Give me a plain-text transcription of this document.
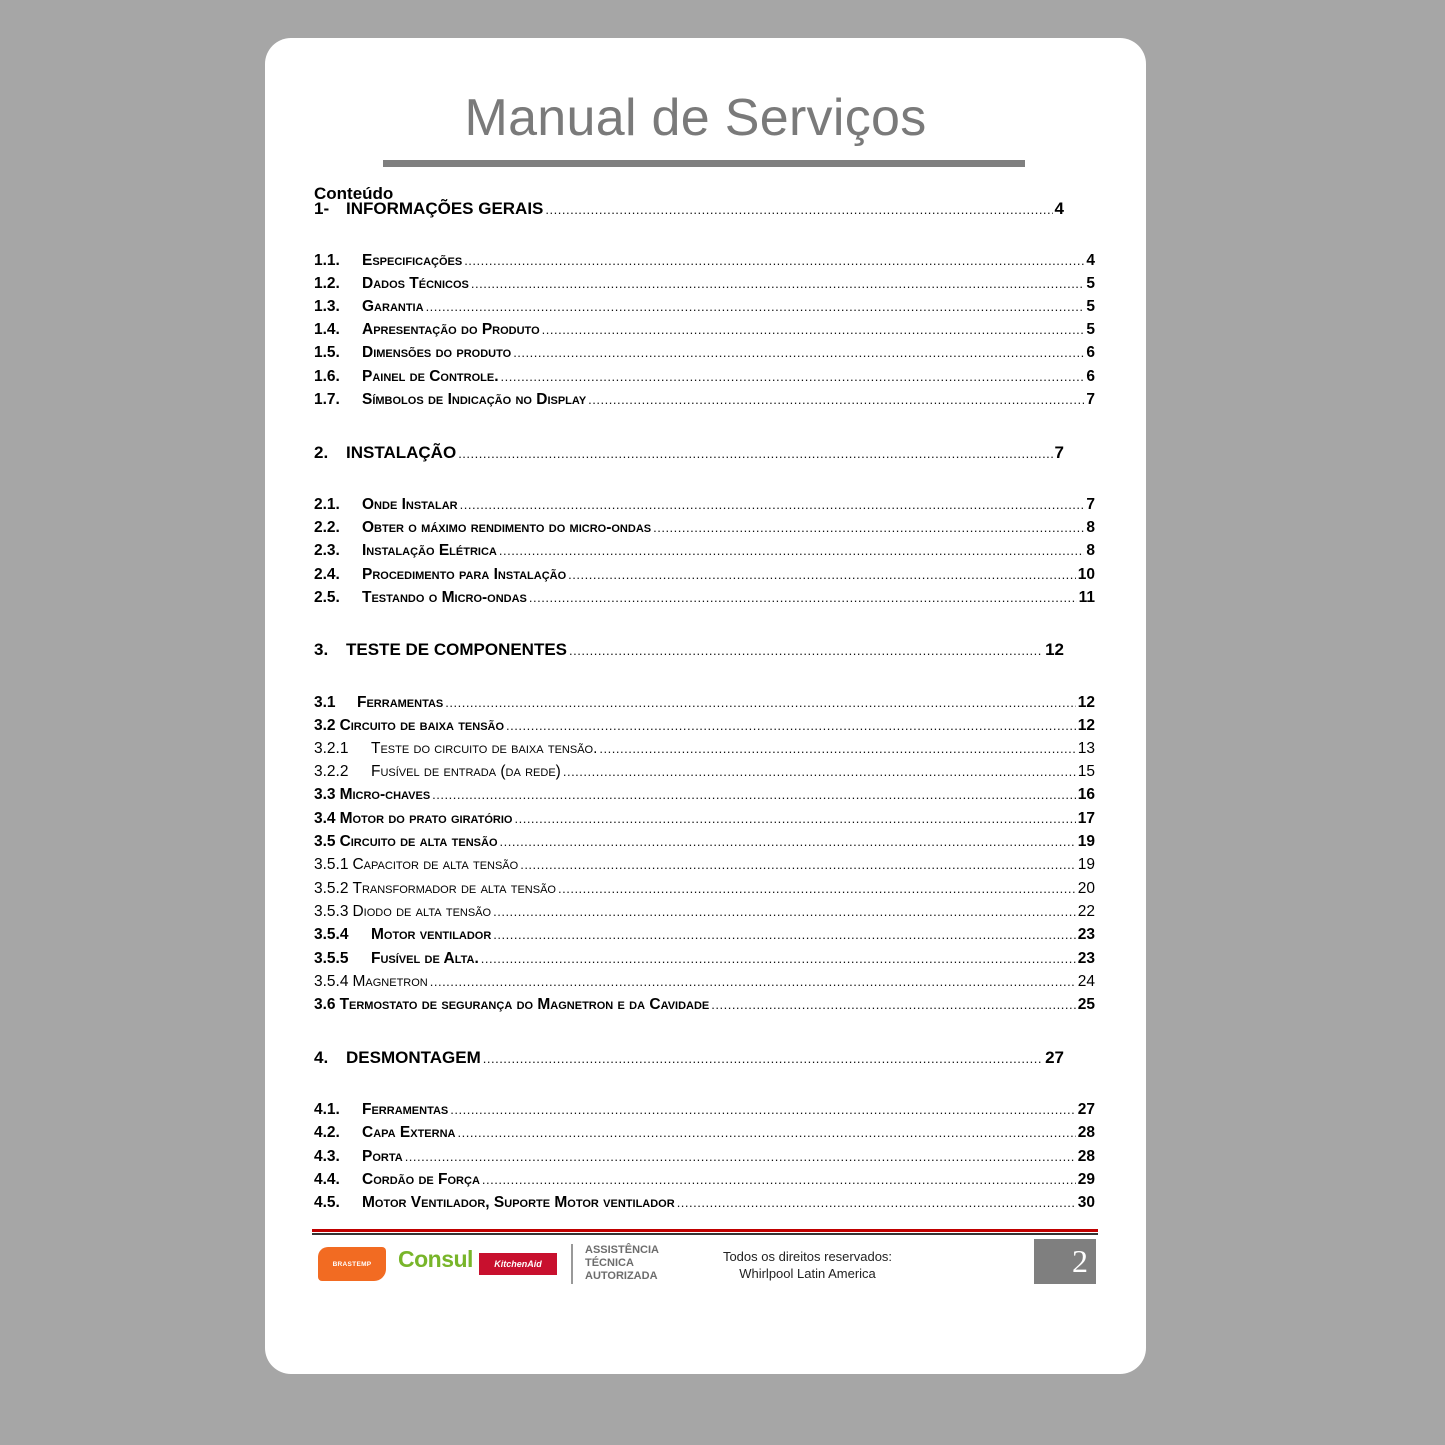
Manual de Serviços
Conteúdo
1- INFORMAÇÕES GERAIS .....	4
1.1.	Especificações .....	4
1.2.	Dados Técnicos .....	5
1.3.	Garantia .....	5
1.4.	Apresentação do Produto .....	5
1.5.	Dimensões do produto .....	6
1.6.	Painel de Controle. .....	6
1.7.	Símbolos de Indicação no Display .....	7
2.	INSTALAÇÃO .....	7
2.1.	Onde Instalar .....	7
2.2.	Obter o máximo rendimento do micro-ondas .....	8
2.3.	Instalação Elétrica .....	8
2.4.	Procedimento para Instalação .....	10
2.5.	Testando o Micro-ondas .....	11
3.	TESTE DE COMPONENTES .....	12
3.1	Ferramentas .....	12
3.2 Circuito de baixa tensão .....	12
3.2.1	Teste do circuito de baixa tensão. .....	13
3.2.2	Fusível de entrada (da rede) .....	15
3.3 Micro-chaves .....	16
3.4 Motor do prato giratório .....	17
3.5 Circuito de alta tensão .....	19
3.5.1 Capacitor de alta tensão .....	19
3.5.2 Transformador de alta tensão .....	20
3.5.3 Diodo de alta tensão .....	22
3.5.4	Motor ventilador .....	23
3.5.5	Fusível de Alta. .....	23
3.5.4 Magnetron .....	24
3.6 Termostato de segurança do Magnetron e da Cavidade .....	25
4.	DESMONTAGEM .....	27
4.1.	Ferramentas .....	27
4.2.	Capa Externa .....	28
4.3.	Porta .....	28
4.4.	Cordão de Força .....	29
4.5.	Motor Ventilador, Suporte Motor ventilador .....	30
BRASTEMP	Consul	KitchenAid
ASSISTÊNCIA
TÉCNICA
AUTORIZADA
Todos os direitos reservados:
Whirlpool Latin America	2
